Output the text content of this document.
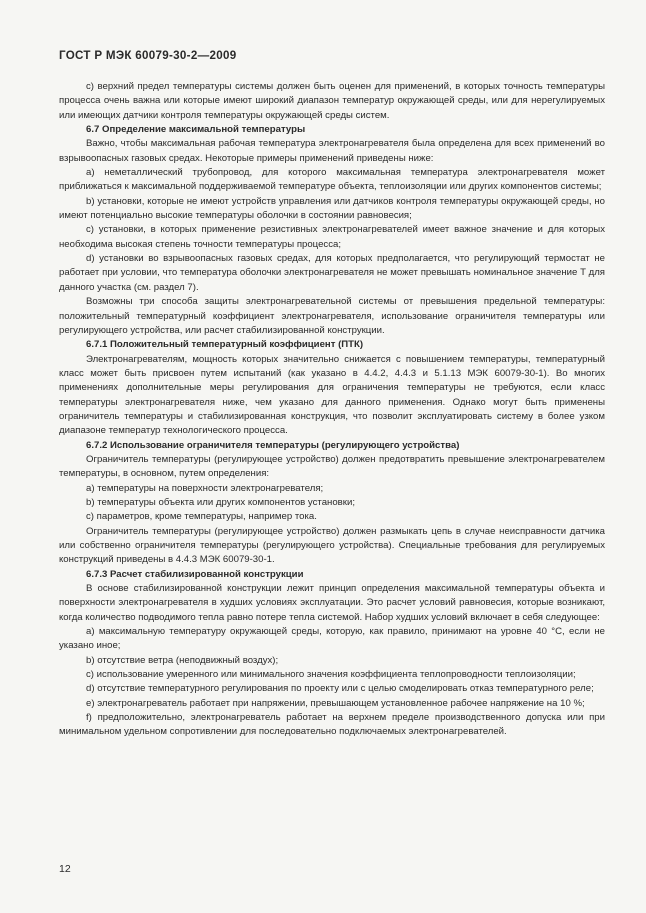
ГОСТ Р МЭК 60079-30-2—2009

c) верхний предел температуры системы должен быть оценен для применений, в которых точность температуры процесса очень важна или которые имеют широкий диапазон температур окружающей среды, или для нерегулируемых или имеющих датчики контроля температуры окружающей среды систем.

6.7 Определение максимальной температуры

Важно, чтобы максимальная рабочая температура электронагревателя была определена для всех применений во взрывоопасных газовых средах. Некоторые примеры применений приведены ниже:

a) неметаллический трубопровод, для которого максимальная температура электронагревателя может приближаться к максимальной поддерживаемой температуре объекта, теплоизоляции или других компонентов системы;

b) установки, которые не имеют устройств управления или датчиков контроля температуры окружающей среды, но имеют потенциально высокие температуры оболочки в состоянии равновесия;

c) установки, в которых применение резистивных электронагревателей имеет важное значение и для которых необходима высокая степень точности температуры процесса;

d) установки во взрывоопасных газовых средах, для которых предполагается, что регулирующий термостат не работает при условии, что температура оболочки электронагревателя не может превышать номинальное значение T для данного участка (см. раздел 7).

Возможны три способа защиты электронагревательной системы от превышения предельной температуры: положительный температурный коэффициент электронагревателя, использование ограничителя температуры или регулирующего устройства, или расчет стабилизированной конструкции.

6.7.1 Положительный температурный коэффициент (ПТК)

Электронагревателям, мощность которых значительно снижается с повышением температуры, температурный класс может быть присвоен путем испытаний (как указано в 4.4.2, 4.4.3 и 5.1.13 МЭК 60079-30-1). Во многих применениях дополнительные меры регулирования для ограничения температуры не требуются, если класс температуры электронагревателя ниже, чем указано для данного применения. Однако могут быть применены ограничитель температуры и стабилизированная конструкция, что позволит эксплуатировать систему в более узком диапазоне температур технологического процесса.

6.7.2 Использование ограничителя температуры (регулирующего устройства)

Ограничитель температуры (регулирующее устройство) должен предотвратить превышение электронагревателем температуры, в основном, путем определения:

a) температуры на поверхности электронагревателя;

b) температуры объекта или других компонентов установки;

c) параметров, кроме температуры, например тока.

Ограничитель температуры (регулирующее устройство) должен размыкать цепь в случае неисправности датчика или собственно ограничителя температуры (регулирующего устройства). Специальные требования для регулируемых конструкций приведены в 4.4.3 МЭК 60079-30-1.

6.7.3 Расчет стабилизированной конструкции

В основе стабилизированной конструкции лежит принцип определения максимальной температуры объекта и поверхности электронагревателя в худших условиях эксплуатации. Это расчет условий равновесия, которые возникают, когда количество подводимого тепла равно потере тепла системой. Набор худших условий включает в себя следующее:

a) максимальную температуру окружающей среды, которую, как правило, принимают на уровне 40 °C, если не указано иное;

b) отсутствие ветра (неподвижный воздух);

c) использование умеренного или минимального значения коэффициента теплопроводности теплоизоляции;

d) отсутствие температурного регулирования по проекту или с целью смоделировать отказ температурного реле;

e) электронагреватель работает при напряжении, превышающем установленное рабочее напряжение на 10 %;

f) предположительно, электронагреватель работает на верхнем пределе производственного допуска или при минимальном удельном сопротивлении для последовательно подключаемых электронагревателей.

12
